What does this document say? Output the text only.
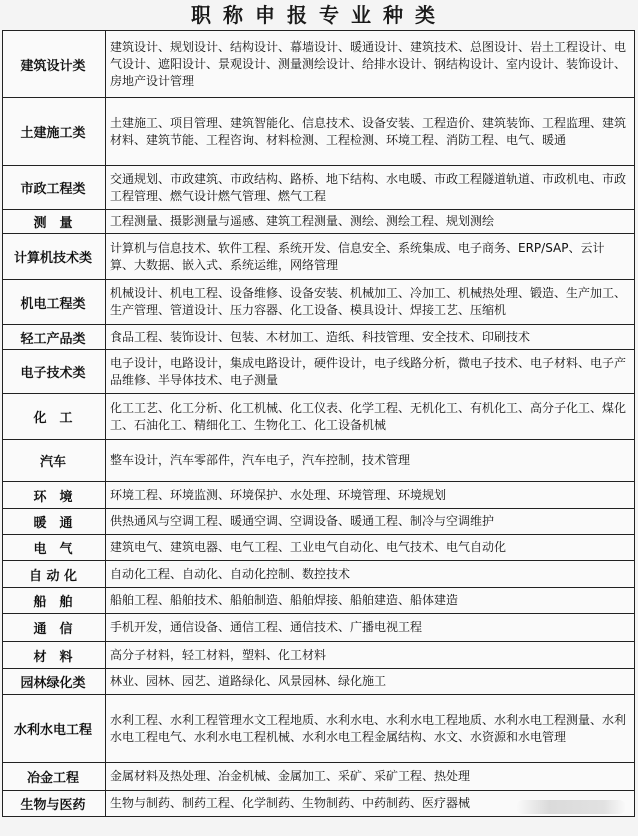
职称申报专业种类
建筑设计类	建筑设计、规划设计、结构设计、幕墙设计、暖通设计、建筑技术、总图设计、岩土工程设计、电气设计、遮阳设计、景观设计、测量测绘设计、给排水设计、钢结构设计、室内设计、装饰设计、房地产设计管理
土建施工类	土建施工、项目管理、建筑智能化、信息技术、设备安装、工程造价、建筑装饰、工程监理、建筑材料、建筑节能、工程咨询、材料检测、工程检测、环境工程、消防工程、电气、暖通
市政工程类	交通规划、市政建筑、市政结构、路桥、地下结构、水电暖、市政工程隧道轨道、市政机电、市政工程管理、燃气设计燃气管理、燃气工程
测　量	工程测量、摄影测量与遥感、建筑工程测量、测绘、测绘工程、规划测绘
计算机技术类	计算机与信息技术、软件工程、系统开发、信息安全、系统集成、电子商务、ERP/SAP、云计算、大数据、嵌入式、系统运维，网络管理
机电工程类	机械设计、机电工程、设备维修、设备安装、机械加工、冷加工、机械热处理、锻造、生产加工、生产管理、管道设计、压力容器、化工设备、模具设计、焊接工艺、压缩机
轻工产品类	食品工程、装饰设计、包装、木材加工、造纸、科技管理、安全技术、印刷技术
电子技术类	电子设计，电路设计，集成电路设计，硬件设计，电子线路分析，微电子技术、电子材料、电子产品维修、半导体技术、电子测量
化　工	化工工艺、化工分析、化工机械、化工仪表、化学工程、无机化工、有机化工、高分子化工、煤化工、石油化工、精细化工、生物化工、化工设备机械
汽车	整车设计，汽车零部件，汽车电子，汽车控制，技术管理
环　境	环境工程、环境监测、环境保护、水处理、环境管理、环境规划
暖　通	供热通风与空调工程、暖通空调、空调设备、暖通工程、制冷与空调维护
电　气	建筑电气、建筑电器、电气工程、工业电气自动化、电气技术、电气自动化
自 动 化	自动化工程、自动化、自动化控制、数控技术
船　舶	船舶工程、船舶技术、船舶制造、船舶焊接、船舶建造、船体建造
通　信	手机开发，通信设备、通信工程、通信技术、广播电视工程
材　料	高分子材料，轻工材料，塑料、化工材料
园林绿化类	林业、园林、园艺、道路绿化、风景园林、绿化施工
水利水电工程	水利工程、水利工程管理水文工程地质、水利水电、水利水电工程地质、水利水电工程测量、水利水电工程电气、水利水电工程机械、水利水电工程金属结构、水文、水资源和水电管理
冶金工程	金属材料及热处理、冶金机械、金属加工、采矿、采矿工程、热处理
生物与医药	生物与制药、制药工程、化学制药、生物制药、中药制药、医疗器械
